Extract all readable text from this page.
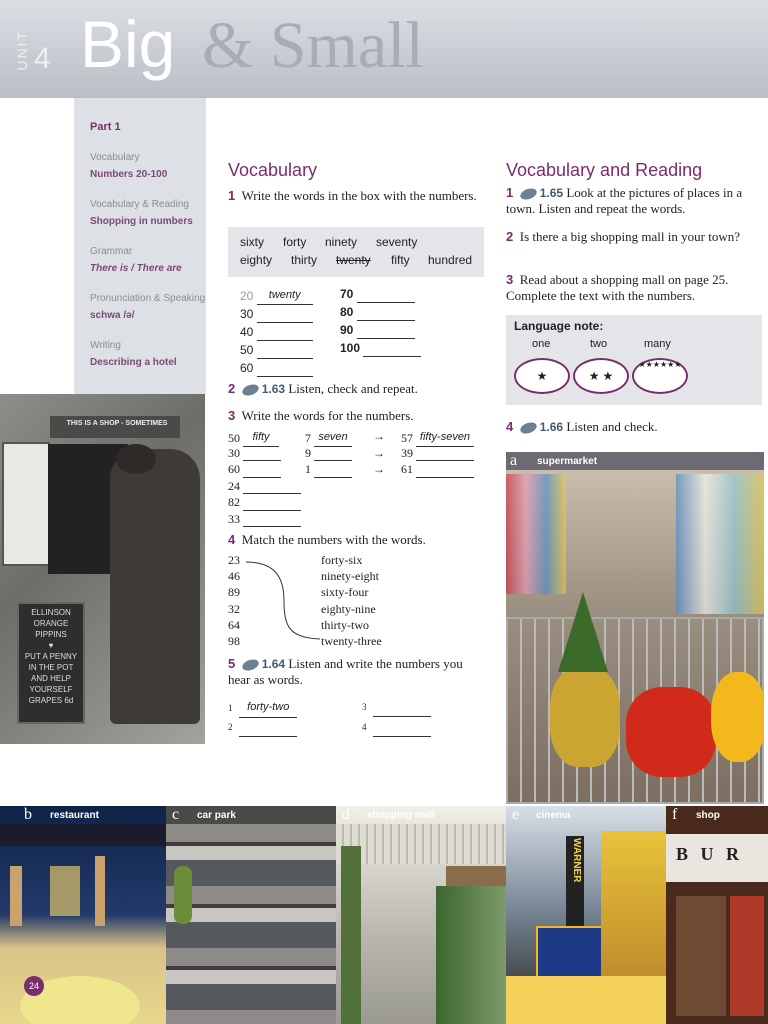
UNIT 4 Big & Small
Part 1
Vocabulary
Numbers 20-100
Vocabulary & Reading
Shopping in numbers
Grammar
There is / There are
Pronunciation & Speaking
schwa /ə/
Writing
Describing a hotel
THIS IS A SHOP - SOMETIMES
ELLINSON
ORANGE
PIPPINS
♥
PUT A PENNY
IN THE POT
AND HELP
YOURSELF
GRAPES 6d
Vocabulary
1 Write the words in the box with the numbers.
sixty forty ninety seventy
eighty thirty twenty fifty hundred
20 twenty
30
40
50
60
70
80
90
100
2 1.63 Listen, check and repeat.
3 Write the words for the numbers.
50 fifty	7 seven	→ 57 fifty-seven
30	9	→ 39
60	1	→ 61
24
82
33
4 Match the numbers with the words.
23
46
89
32
64
98
forty-six
ninety-eight
sixty-four
eighty-nine
thirty-two
twenty-three
5 1.64 Listen and write the numbers you hear as words.
1 forty-two	3
2	4
Vocabulary and Reading
1 1.65 Look at the pictures of places in a town. Listen and repeat the words.
2 Is there a big shopping mall in your town?
3 Read about a shopping mall on page 25. Complete the text with the numbers.
Language note:
one	two	many
★	★ ★
★★★★★★
4 1.66 Listen and check.
a supermarket
b restaurant
24
c car park	d shopping mall
WARNER
e cinema
B U R
f shop
